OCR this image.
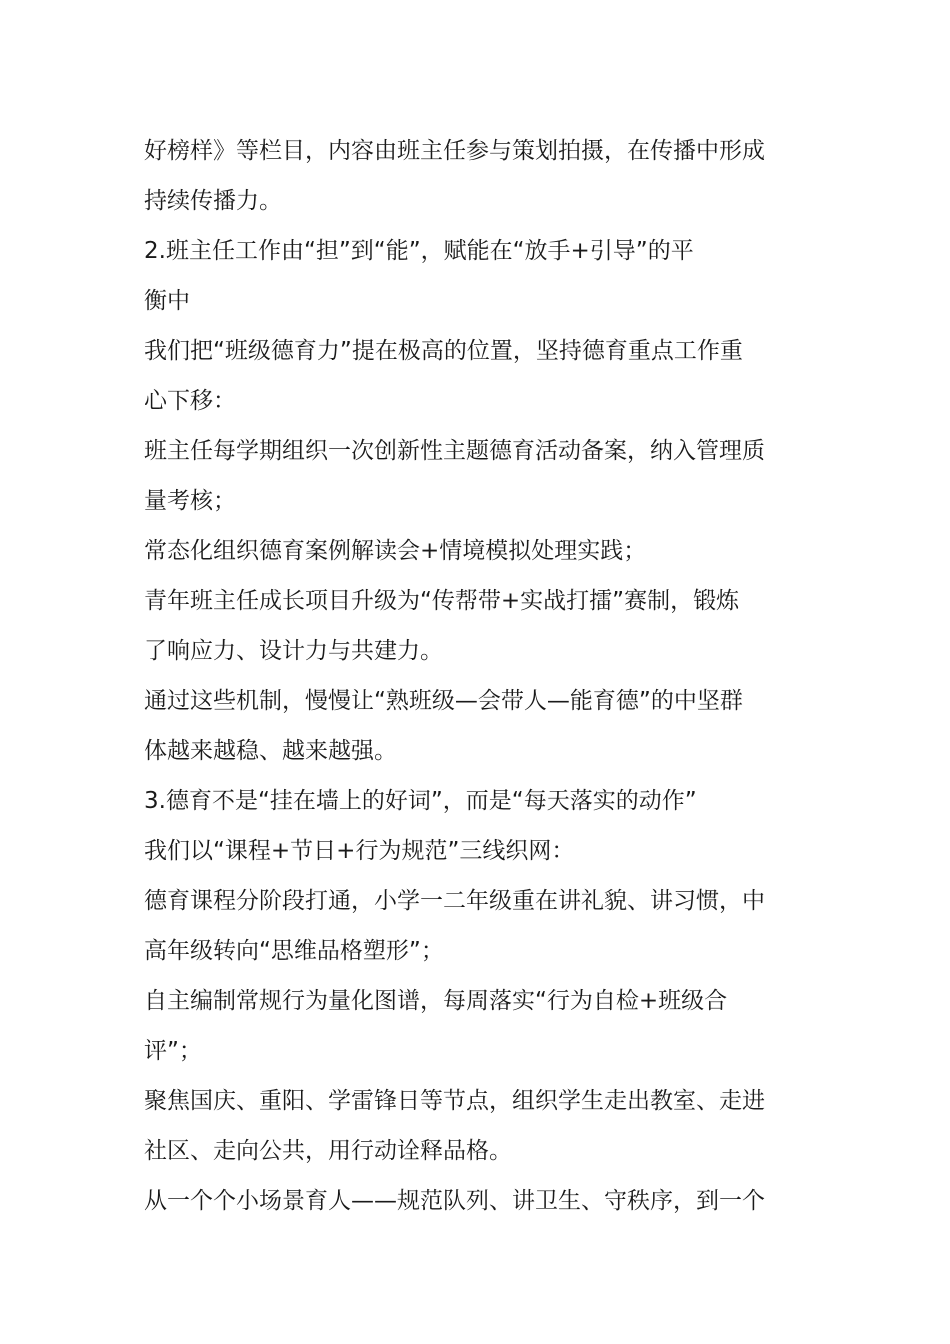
好榜样》等栏目，内容由班主任参与策划拍摄，在传播中形成
持续传播力。
2.班主任工作由“担”到“能”，赋能在“放手+引导”的平
衡中
我们把“班级德育力”提在极高的位置，坚持德育重点工作重
心下移：
班主任每学期组织一次创新性主题德育活动备案，纳入管理质
量考核；
常态化组织德育案例解读会+情境模拟处理实践；
青年班主任成长项目升级为“传帮带+实战打擂”赛制，锻炼
了响应力、设计力与共建力。
通过这些机制，慢慢让“熟班级—会带人—能育德”的中坚群
体越来越稳、越来越强。
3.德育不是“挂在墙上的好词”，而是“每天落实的动作”
我们以“课程+节日+行为规范”三线织网：
德育课程分阶段打通，小学一二年级重在讲礼貌、讲习惯，中
高年级转向“思维品格塑形”；
自主编制常规行为量化图谱，每周落实“行为自检+班级合
评”；
聚焦国庆、重阳、学雷锋日等节点，组织学生走出教室、走进
社区、走向公共，用行动诠释品格。
从一个个小场景育人——规范队列、讲卫生、守秩序，到一个
